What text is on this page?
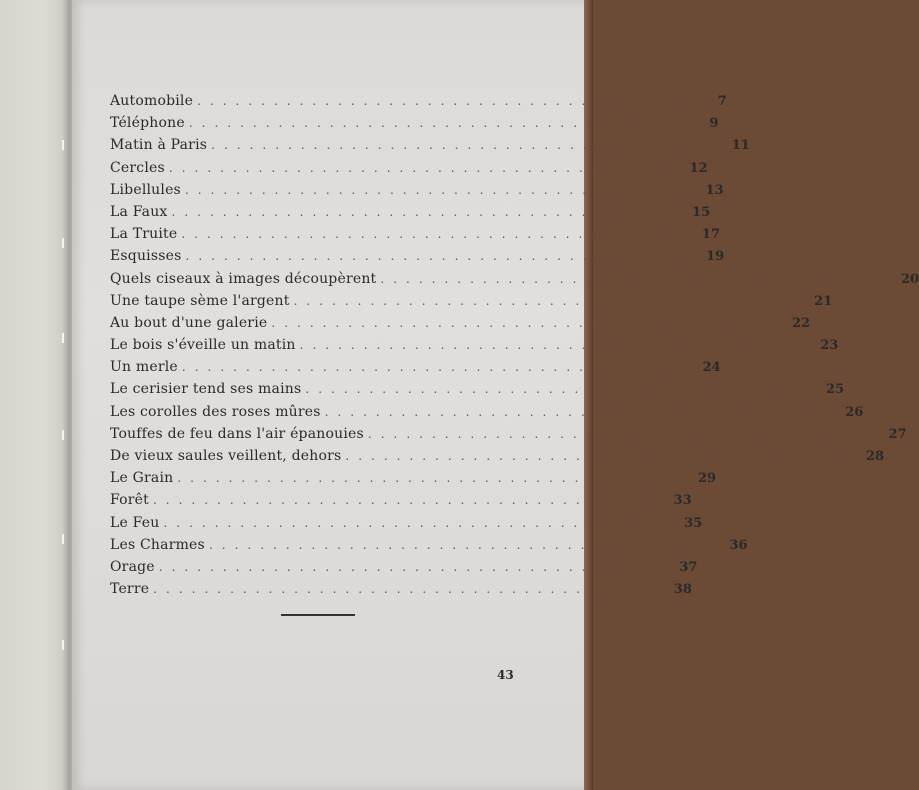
Automobile ........................................ 7
Téléphone ........................................ 9
Matin à Paris ........................................ 11
Cercles ........................................ 12
Libellules ........................................ 13
La Faux ........................................ 15
La Truite ........................................ 17
Esquisses ........................................ 19
Quels ciseaux à images découpèrent ........................................ 20
Une taupe sème l'argent ........................................ 21
Au bout d'une galerie ........................................ 22
Le bois s'éveille un matin ........................................ 23
Un merle ........................................ 24
Le cerisier tend ses mains ........................................ 25
Les corolles des roses mûres ........................................ 26
Touffes de feu dans l'air épanouies ........................................ 27
De vieux saules veillent, dehors ........................................ 28
Le Grain ........................................ 29
Forêt ........................................ 33
Le Feu ........................................ 35
Les Charmes ........................................ 36
Orage ........................................ 37
Terre ........................................ 38
43
